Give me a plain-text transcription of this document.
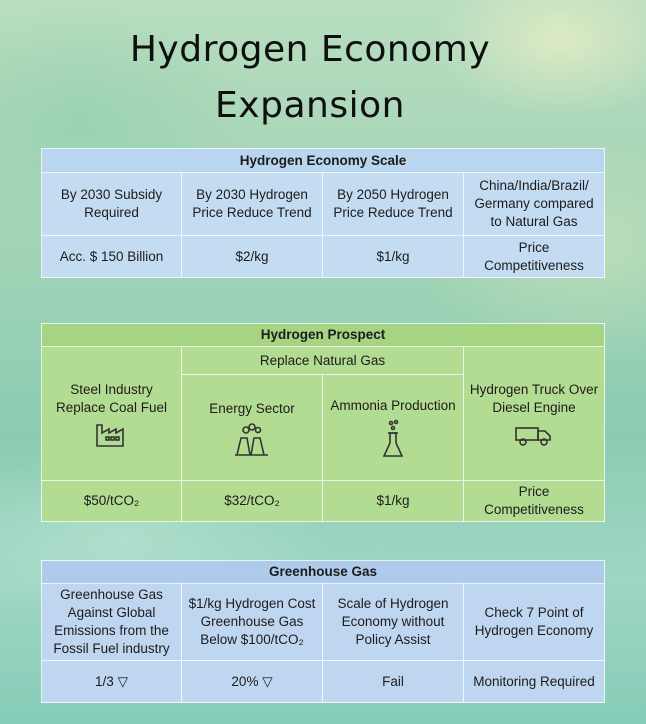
Hydrogen Economy
Expansion
Hydrogen Economy Scale			
By 2030 Subsidy Required	By 2030 Hydrogen Price Reduce Trend	By 2050 Hydrogen Price Reduce Trend	China/India/Brazil/ Germany compared to Natural Gas
Acc. $ 150 Billion	$2/kg	$1/kg	Price Competitiveness
Hydrogen Prospect			

Steel Industry Replace Coal Fuel	Replace Natural Gas		Hydrogen Truck Over Diesel Engine

	Energy Sector	Ammonia Production	

$50/tCO₂	$32/tCO₂	$1/kg	Price Competitiveness
Greenhouse Gas			
Greenhouse Gas Against Global Emissions from the Fossil Fuel industry	$1/kg Hydrogen Cost Greenhouse Gas Below $100/tCO₂	Scale of Hydrogen Economy without Policy Assist	Check 7 Point of Hydrogen Economy
1/3 ▽	20% ▽	Fail	Monitoring Required
